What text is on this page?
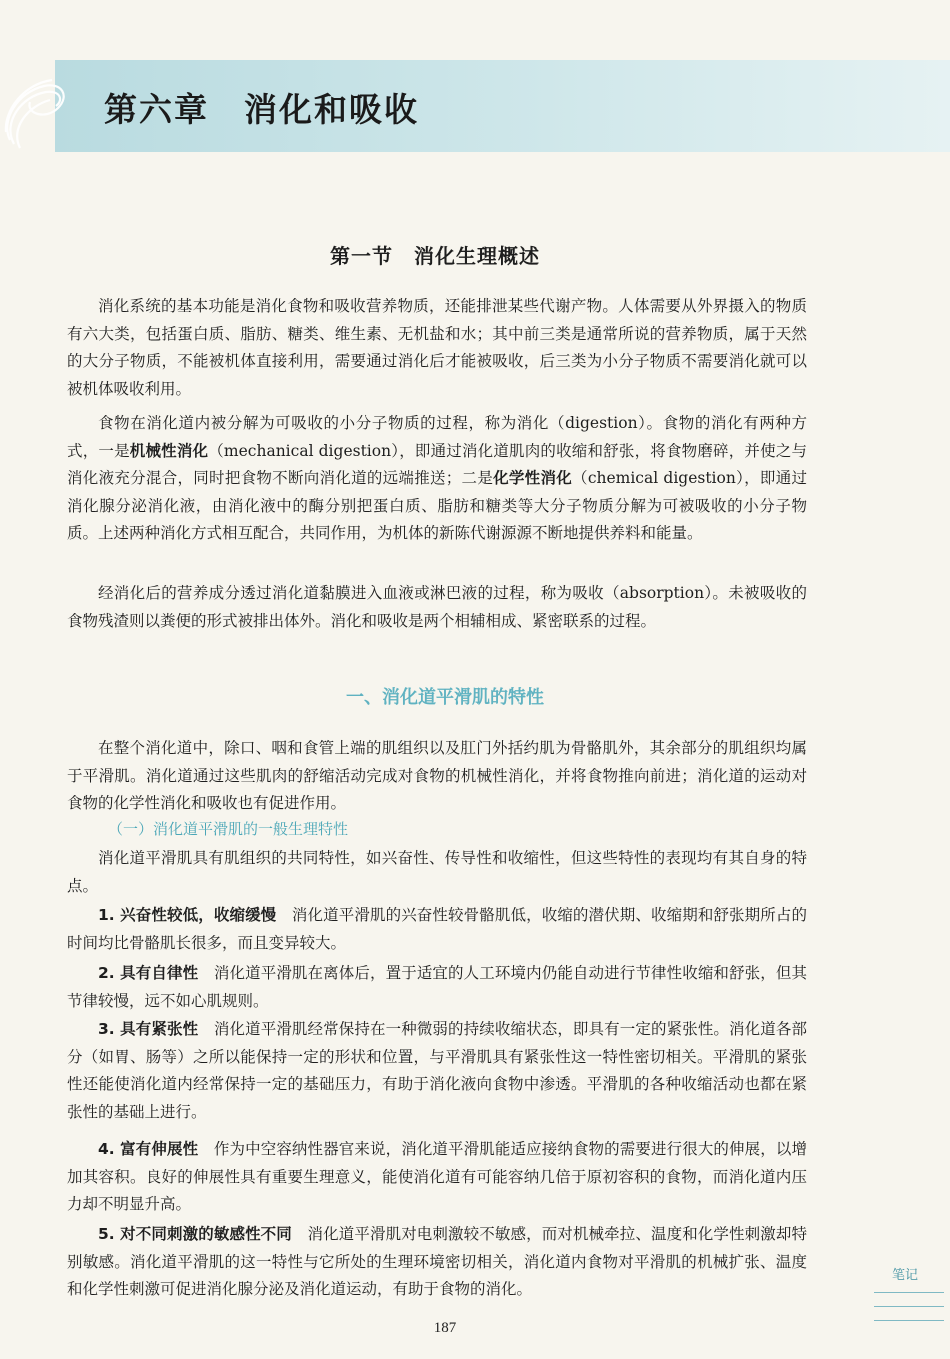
第六章　消化和吸收
第一节　消化生理概述

消化系统的基本功能是消化食物和吸收营养物质，还能排泄某些代谢产物。人体需要从外界摄入的物质有六大类，包括蛋白质、脂肪、糖类、维生素、无机盐和水；其中前三类是通常所说的营养物质，属于天然的大分子物质，不能被机体直接利用，需要通过消化后才能被吸收，后三类为小分子物质不需要消化就可以被机体吸收利用。

食物在消化道内被分解为可吸收的小分子物质的过程，称为消化（digestion）。食物的消化有两种方式，一是机械性消化（mechanical digestion），即通过消化道肌肉的收缩和舒张，将食物磨碎，并使之与消化液充分混合，同时把食物不断向消化道的远端推送；二是化学性消化（chemical digestion），即通过消化腺分泌消化液，由消化液中的酶分别把蛋白质、脂肪和糖类等大分子物质分解为可被吸收的小分子物质。上述两种消化方式相互配合，共同作用，为机体的新陈代谢源源不断地提供养料和能量。

经消化后的营养成分透过消化道黏膜进入血液或淋巴液的过程，称为吸收（absorption）。未被吸收的食物残渣则以粪便的形式被排出体外。消化和吸收是两个相辅相成、紧密联系的过程。

一、消化道平滑肌的特性

在整个消化道中，除口、咽和食管上端的肌组织以及肛门外括约肌为骨骼肌外，其余部分的肌组织均属于平滑肌。消化道通过这些肌肉的舒缩活动完成对食物的机械性消化，并将食物推向前进；消化道的运动对食物的化学性消化和吸收也有促进作用。

（一）消化道平滑肌的一般生理特性

消化道平滑肌具有肌组织的共同特性，如兴奋性、传导性和收缩性，但这些特性的表现均有其自身的特点。

1. 兴奋性较低，收缩缓慢　 消化道平滑肌的兴奋性较骨骼肌低，收缩的潜伏期、收缩期和舒张期所占的时间均比骨骼肌长很多，而且变异较大。

2. 具有自律性　 消化道平滑肌在离体后，置于适宜的人工环境内仍能自动进行节律性收缩和舒张，但其节律较慢，远不如心肌规则。

3. 具有紧张性　 消化道平滑肌经常保持在一种微弱的持续收缩状态，即具有一定的紧张性。消化道各部分（如胃、肠等）之所以能保持一定的形状和位置，与平滑肌具有紧张性这一特性密切相关。平滑肌的紧张性还能使消化道内经常保持一定的基础压力，有助于消化液向食物中渗透。平滑肌的各种收缩活动也都在紧张性的基础上进行。

4. 富有伸展性　 作为中空容纳性器官来说，消化道平滑肌能适应接纳食物的需要进行很大的伸展，以增加其容积。良好的伸展性具有重要生理意义，能使消化道有可能容纳几倍于原初容积的食物，而消化道内压力却不明显升高。

5. 对不同刺激的敏感性不同　 消化道平滑肌对电刺激较不敏感，而对机械牵拉、温度和化学性刺激却特别敏感。消化道平滑肌的这一特性与它所处的生理环境密切相关，消化道内食物对平滑肌的机械扩张、温度和化学性刺激可促进消化腺分泌及消化道运动，有助于食物的消化。

笔记
187
